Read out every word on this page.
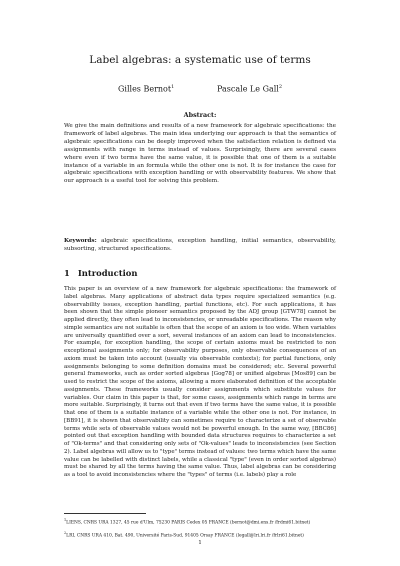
Label algebras: a systematic use of terms
Gilles Bernot$^1$	Pascale Le Gall$^2$
Abstract:
We give the main definitions and results of a new framework for algebraic specifications: the framework of label algebras. The main idea underlying our approach is that the semantics of algebraic specifications can be deeply improved when the satisfaction relation is defined via assignments with range in terms instead of values. Surprisingly, there are several cases where even if two terms have the same value, it is possible that one of them is a suitable instance of a variable in an formula while the other one is not. It is for instance the case for algebraic specifications with exception handling or with observability features. We show that our approach is a useful tool for solving this problem.
Keywords: algebraic specifications, exception handling, initial semantics, observability, subsorting, structured specifications.
1 Introduction
This paper is an overview of a new framework for algebraic specifications: the framework of label algebras. Many applications of abstract data types require specialized semantics (e.g. observability issues, exception handling, partial functions, etc). For such applications, it has been shown that the simple pioneer semantics proposed by the ADJ group [GTW78] cannot be applied directly, they often lead to inconsistencies, or unreadable specifications. The reason why simple semantics are not suitable is often that the scope of an axiom is too wide. When variables are universally quantified over a sort, several instances of an axiom can lead to inconsistencies. For example, for exception handling, the scope of certain axioms must be restricted to non exceptional assignments only; for observability purposes, only observable consequences of an axiom must be taken into account (usually via observable contexts); for partial functions, only assignments belonging to some definition domains must be considered; etc. Several powerful general frameworks, such as order sorted algebras [Gog78] or unified algebras [Mos89] can be used to restrict the scope of the axioms, allowing a more elaborated definition of the acceptable assignments. These frameworks usually consider assignments which substitute values for variables. Our claim in this paper is that, for some cases, assignments which range in terms are more suitable. Surprisingly, it turns out that even if two terms have the same value, it is possible that one of them is a suitable instance of a variable while the other one is not. For instance, in [BB91], it is shown that observability can sometimes require to characterize a set of observable terms while sets of observable values would not be powerful enough. In the same way, [BBC86] pointed out that exception handling with bounded data structures requires to characterize a set of "Ok-terms" and that considering only sets of "Ok-values" leads to inconsistencies (see Section 2). Label algebras will allow us to "type" terms instead of values: two terms which have the same value can be labelled with distinct labels, while a classical "type" (even in order sorted algebras) must be shared by all the terms having the same value. Thus, label algebras can be considering as a tool to avoid inconsistencies where the "types" of terms (i.e. labels) play a role
$^1$LIENS, CNRS URA 1327, 45 rue d'Ulm, 75230 PARIS Cedex 05 FRANCE (bernot@dmi.ens.fr /frdmi61.bitnet)
$^2$LRI, CNRS URA 410, Bat. 490, Université Paris-Sud, 91405 Orsay FRANCE (legall@lri.lri.fr /frlri61.bitnet)
1
